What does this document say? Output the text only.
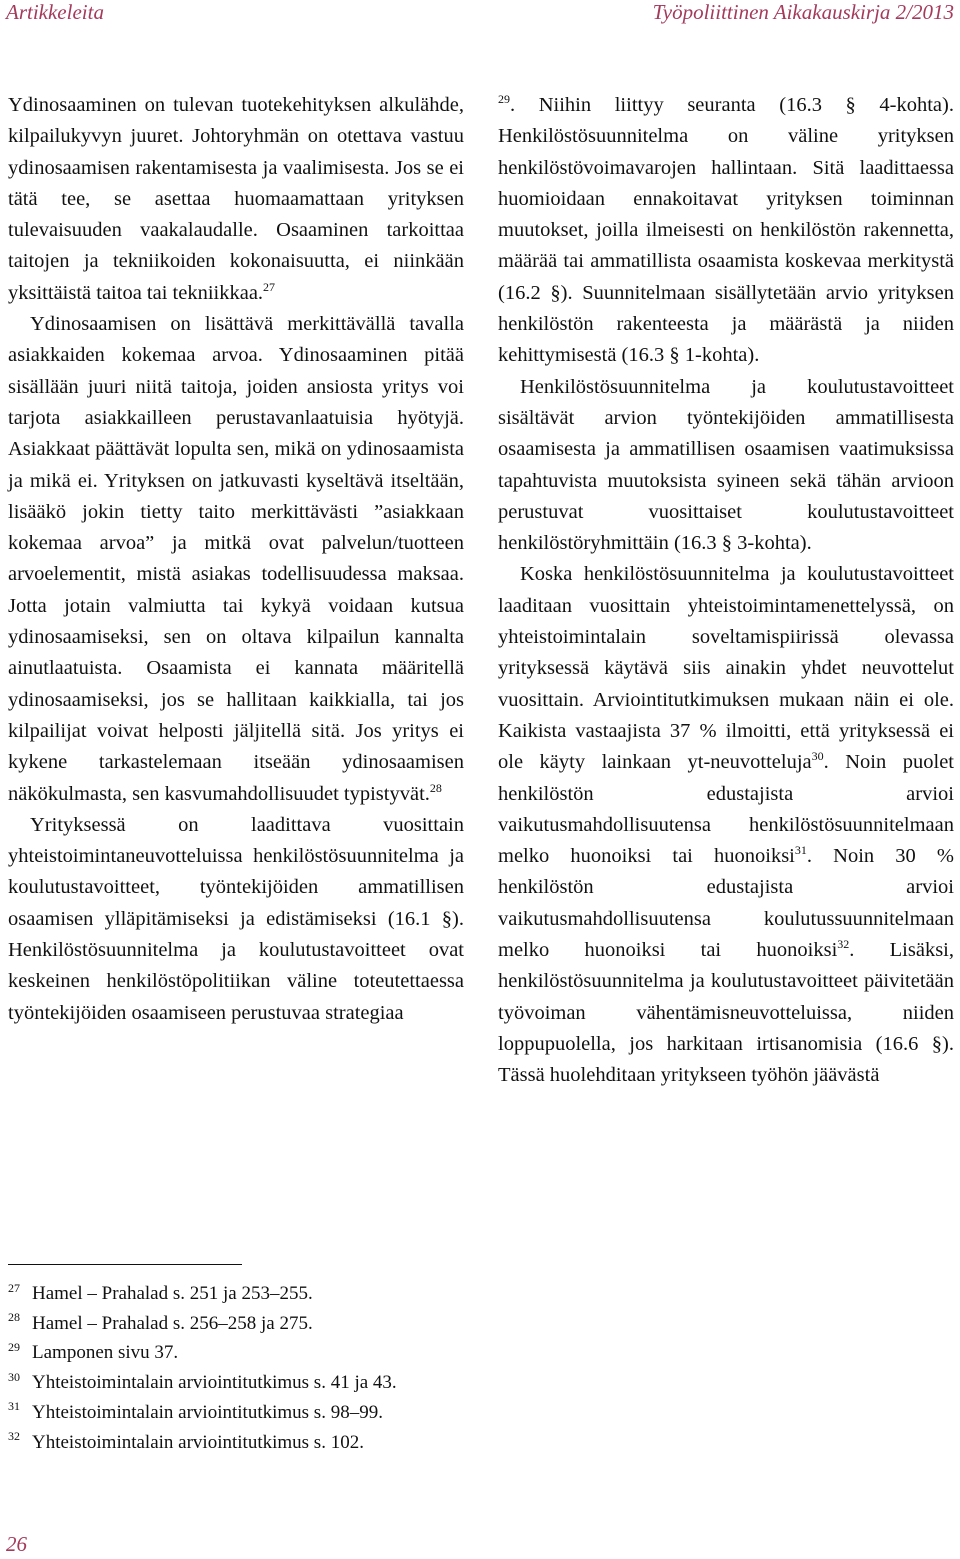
Artikkeleita	Työpoliittinen Aikakauskirja 2/2013

Ydinosaaminen on tulevan tuotekehityksen alkulähde, kilpailukyvyn juuret. Johtoryhmän on otettava vastuu ydinosaamisen rakentamisesta ja vaalimisesta. Jos se ei tätä tee, se asettaa huomaamattaan yrityksen tulevaisuuden vaakalaudalle. Osaaminen tarkoittaa taitojen ja tekniikoiden kokonaisuutta, ei niinkään yksittäistä taitoa tai tekniikkaa.$^{27}$

Ydinosaamisen on lisättävä merkittävällä tavalla asiakkaiden kokemaa arvoa. Ydinosaaminen pitää sisällään juuri niitä taitoja, joiden ansiosta yritys voi tarjota asiakkailleen perustavanlaatuisia hyötyjä. Asiakkaat päättävät lopulta sen, mikä on ydinosaamista ja mikä ei. Yrityksen on jatkuvasti kyseltävä itseltään, lisääkö jokin tietty taito merkittävästi ”asiakkaan kokemaa arvoa” ja mitkä ovat palvelun/tuotteen arvoelementit, mistä asiakas todellisuudessa maksaa. Jotta jotain valmiutta tai kykyä voidaan kutsua ydinosaamiseksi, sen on oltava kilpailun kannalta ainutlaatuista. Osaamista ei kannata määritellä ydinosaamiseksi, jos se hallitaan kaikkialla, tai jos kilpailijat voivat helposti jäljitellä sitä. Jos yritys ei kykene tarkastelemaan itseään ydinosaamisen näkökulmasta, sen kasvumahdollisuudet typistyvät.$^{28}$

Yrityksessä on laadittava vuosittain yhteistoimintaneuvotteluissa henkilöstösuunnitelma ja koulutustavoitteet, työntekijöiden ammatillisen osaamisen ylläpitämiseksi ja edistämiseksi (16.1 §). Henkilöstösuunnitelma ja koulutustavoitteet ovat keskeinen henkilöstöpolitiikan väline toteutettaessa työntekijöiden osaamiseen perustuvaa strategiaa

$^{29}$. Niihin liittyy seuranta (16.3 § 4-kohta). Henkilöstösuunnitelma on väline yrityksen henkilöstövoimavarojen hallintaan. Sitä laadittaessa huomioidaan ennakoitavat yrityksen toiminnan muutokset, joilla ilmeisesti on henkilöstön rakennetta, määrää tai ammatillista osaamista koskevaa merkitystä (16.2 §). Suunnitelmaan sisällytetään arvio yrityksen henkilöstön rakenteesta ja määrästä ja niiden kehittymisestä (16.3 § 1-kohta).

Henkilöstösuunnitelma ja koulutustavoitteet sisältävät arvion työntekijöiden ammatillisesta osaamisesta ja ammatillisen osaamisen vaatimuksissa tapahtuvista muutoksista syineen sekä tähän arvioon perustuvat vuosittaiset koulutustavoitteet henkilöstöryhmittäin (16.3 § 3-kohta).

Koska henkilöstösuunnitelma ja koulutustavoitteet laaditaan vuosittain yhteistoimintamenettelyssä, on yhteistoimintalain soveltamispiirissä olevassa yrityksessä käytävä siis ainakin yhdet neuvottelut vuosittain. Arviointitutkimuksen mukaan näin ei ole. Kaikista vastaajista 37 % ilmoitti, että yrityksessä ei ole käyty lainkaan yt-neuvotteluja$^{30}$. Noin puolet henkilöstön edustajista arvioi vaikutusmahdollisuutensa henkilöstösuunnitelmaan melko huonoiksi tai huonoiksi$^{31}$. Noin 30 % henkilöstön edustajista arvioi vaikutusmahdollisuutensa koulutussuunnitelmaan melko huonoiksi tai huonoiksi$^{32}$. Lisäksi, henkilöstösuunnitelma ja koulutustavoitteet päivitetään työvoiman vähentämisneuvotteluissa, niiden loppupuolella, jos harkitaan irtisanomisia (16.6 §). Tässä huolehditaan yritykseen työhön jäävästä

27 Hamel – Prahalad s. 251 ja 253–255.
28 Hamel – Prahalad s. 256–258 ja 275.
29 Lamponen sivu 37.
30 Yhteistoimintalain arviointitutkimus s. 41 ja 43.
31 Yhteistoimintalain arviointitutkimus s. 98–99.
32 Yhteistoimintalain arviointitutkimus s. 102.
26
